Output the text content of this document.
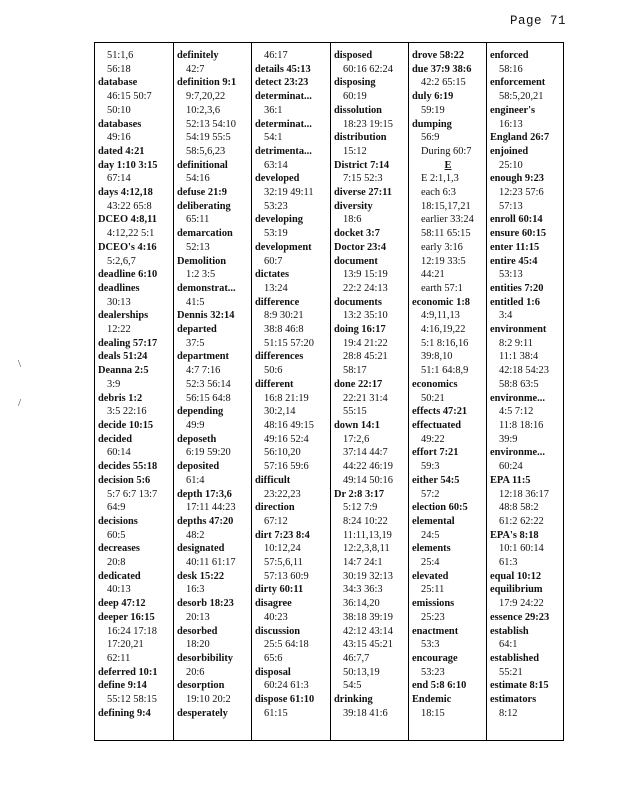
Page 71
\
/
51:1,6
56:18
database
46:15 50:7
50:10
databases
49:16
dated 4:21
day 1:10 3:15
67:14
days 4:12,18
43:22 65:8
DCEO 4:8,11
4:12,22 5:1
DCEO's 4:16
5:2,6,7
deadline 6:10
deadlines
30:13
dealerships
12:22
dealing 57:17
deals 51:24
Deanna 2:5
3:9
debris 1:2
3:5 22:16
decide 10:15
decided
60:14
decides 55:18
decision 5:6
5:7 6:7 13:7
64:9
decisions
60:5
decreases
20:8
dedicated
40:13
deep 47:12
deeper 16:15
16:24 17:18
17:20,21
62:11
deferred 10:1
define 9:14
55:12 58:15
defining 9:4
definitely
42:7
definition 9:1
9:7,20,22
10:2,3,6
52:13 54:10
54:19 55:5
58:5,6,23
definitional
54:16
defuse 21:9
deliberating
65:11
demarcation
52:13
Demolition
1:2 3:5
demonstrat...
41:5
Dennis 32:14
departed
37:5
department
4:7 7:16
52:3 56:14
56:15 64:8
depending
49:9
deposeth
6:19 59:20
deposited
61:4
depth 17:3,6
17:11 44:23
depths 47:20
48:2
designated
40:11 61:17
desk 15:22
16:3
desorb 18:23
20:13
desorbed
18:20
desorbibility
20:6
desorption
19:10 20:2
desperately
46:17
details 45:13
detect 23:23
determinat...
36:1
determinat...
54:1
detrimenta...
63:14
developed
32:19 49:11
53:23
developing
53:19
development
60:7
dictates
13:24
difference
8:9 30:21
38:8 46:8
51:15 57:20
differences
50:6
different
16:8 21:19
30:2,14
48:16 49:15
49:16 52:4
56:10,20
57:16 59:6
difficult
23:22,23
direction
67:12
dirt 7:23 8:4
10:12,24
57:5,6,11
57:13 60:9
dirty 60:11
disagree
40:23
discussion
25:5 64:18
65:6
disposal
60:24 61:3
dispose 61:10
61:15
disposed
60:16 62:24
disposing
60:19
dissolution
18:23 19:15
distribution
15:12
District 7:14
7:15 52:3
diverse 27:11
diversity
18:6
docket 3:7
Doctor 23:4
document
13:9 15:19
22:2 24:13
documents
13:2 35:10
doing 16:17
19:4 21:22
28:8 45:21
58:17
done 22:17
22:21 31:4
55:15
down 14:1
17:2,6
37:14 44:7
44:22 46:19
49:14 50:16
Dr 2:8 3:17
5:12 7:9
8:24 10:22
11:11,13,19
12:2,3,8,11
14:7 24:1
30:19 32:13
34:3 36:3
36:14,20
38:18 39:19
42:12 43:14
43:15 45:21
46:7,7
50:13,19
54:5
drinking
39:18 41:6
drove 58:22
due 37:9 38:6
42:2 65:15
duly 6:19
59:19
dumping
56:9
During 60:7
E
E 2:1,1,3
each 6:3
18:15,17,21
earlier 33:24
58:11 65:15
early 3:16
12:19 33:5
44:21
earth 57:1
economic 1:8
4:9,11,13
4:16,19,22
5:1 8:16,16
39:8,10
51:1 64:8,9
economics
50:21
effects 47:21
effectuated
49:22
effort 7:21
59:3
either 54:5
57:2
election 60:5
elemental
24:5
elements
25:4
elevated
25:11
emissions
25:23
enactment
53:3
encourage
53:23
end 5:8 6:10
Endemic
18:15
enforced
58:16
enforcement
58:5,20,21
engineer's
16:13
England 26:7
enjoined
25:10
enough 9:23
12:23 57:6
57:13
enroll 60:14
ensure 60:15
enter 11:15
entire 45:4
53:13
entities 7:20
entitled 1:6
3:4
environment
8:2 9:11
11:1 38:4
42:18 54:23
58:8 63:5
environme...
4:5 7:12
11:8 18:16
39:9
environme...
60:24
EPA 11:5
12:18 36:17
48:8 58:2
61:2 62:22
EPA's 8:18
10:1 60:14
61:3
equal 10:12
equilibrium
17:9 24:22
essence 29:23
establish
64:1
established
55:21
estimate 8:15
estimators
8:12
